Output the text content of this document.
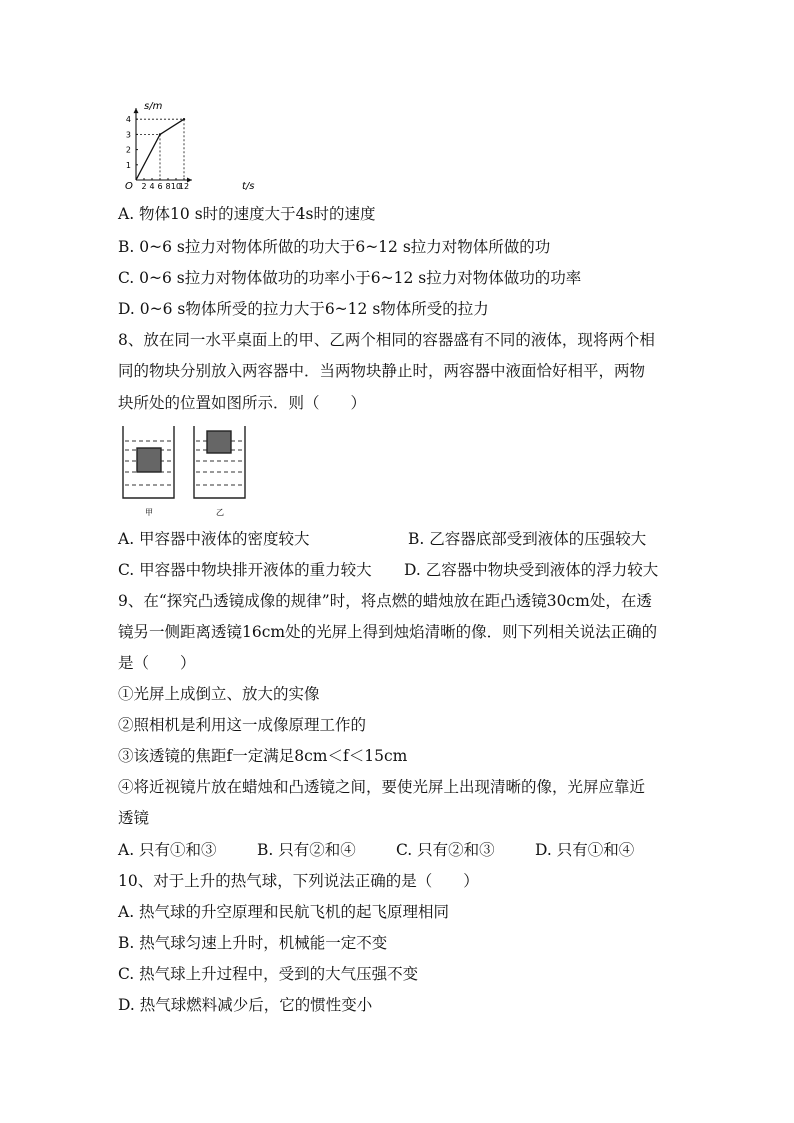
2 4 6 8 10
12
1
2
3
4
s/m
t/s
O
A. 物体10 s时的速度大于4s时的速度
B. 0~6 s拉力对物体所做的功大于6~12 s拉力对物体所做的功
C. 0~6 s拉力对物体做功的功率小于6~12 s拉力对物体做功的功率
D. 0~6 s物体所受的拉力大于6~12 s物体所受的拉力
8、放在同一水平桌面上的甲、乙两个相同的容器盛有不同的液体，现将两个相
同的物块分别放入两容器中．当两物块静止时，两容器中液面恰好相平，两物
块所处的位置如图所示．则（　　）
甲	乙
A. 甲容器中液体的密度较大	B. 乙容器底部受到液体的压强较大
C. 甲容器中物块排开液体的重力较大 D. 乙容器中物块受到液体的浮力较大
9、在“探究凸透镜成像的规律”时，将点燃的蜡烛放在距凸透镜30cm处，在透
镜另一侧距离透镜16cm处的光屏上得到烛焰清晰的像．则下列相关说法正确的
是（　　）
①光屏上成倒立、放大的实像
②照相机是利用这一成像原理工作的
③该透镜的焦距f一定满足8cm＜f＜15cm
④将近视镜片放在蜡烛和凸透镜之间，要使光屏上出现清晰的像，光屏应靠近
透镜
A. 只有①和③	B. 只有②和④	C. 只有②和③	D. 只有①和④
10、对于上升的热气球，下列说法正确的是（　　）
A. 热气球的升空原理和民航飞机的起飞原理相同
B. 热气球匀速上升时，机械能一定不变
C. 热气球上升过程中，受到的大气压强不变
D. 热气球燃料减少后，它的惯性变小
